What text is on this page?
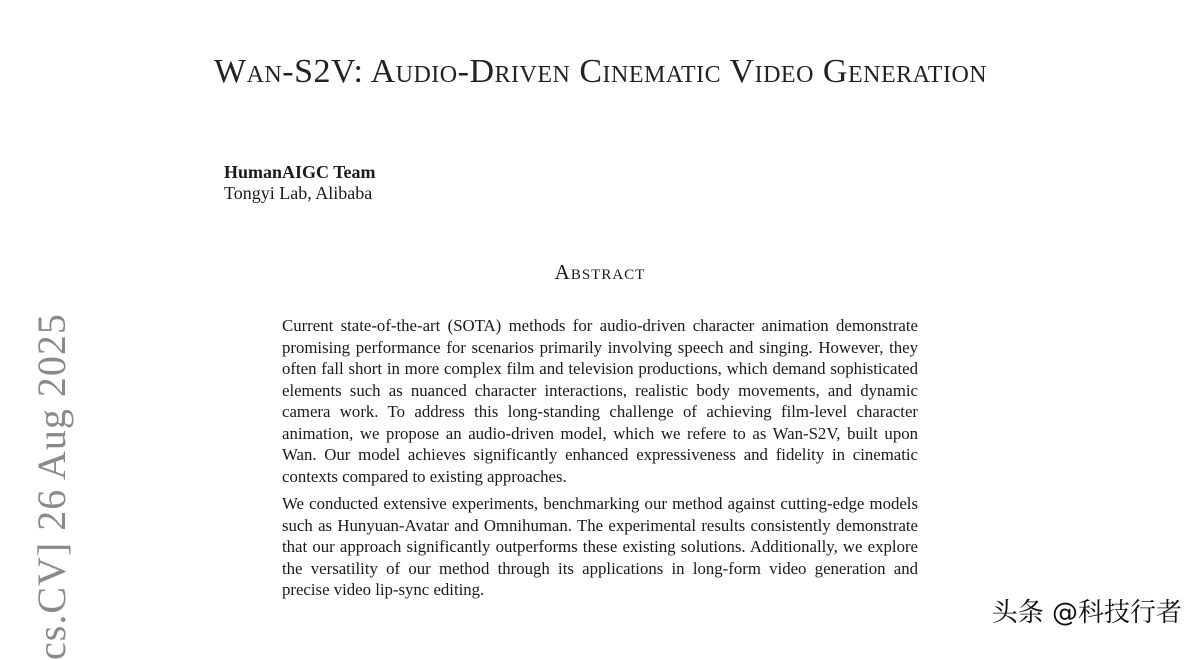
Wan-S2V: Audio-Driven Cinematic Video Generation
HumanAIGC Team
Tongyi Lab, Alibaba
Abstract

Current state-of-the-art (SOTA) methods for audio-driven character animation demonstrate promising performance for scenarios primarily involving speech and singing. However, they often fall short in more complex film and television productions, which demand sophisticated elements such as nuanced character interactions, realistic body movements, and dynamic camera work. To address this long-standing challenge of achieving film-level character animation, we propose an audio-driven model, which we refere to as Wan-S2V, built upon Wan. Our model achieves significantly enhanced expressiveness and fidelity in cinematic contexts compared to existing approaches.

We conducted extensive experiments, benchmarking our method against cutting-edge models such as Hunyuan-Avatar and Omnihuman. The experimental results consistently demonstrate that our approach significantly outperforms these existing solutions. Additionally, we explore the versatility of our method through its applications in long-form video generation and precise video lip-sync editing.

cs.CV] 26 Aug 2025	头条 @科技行者
